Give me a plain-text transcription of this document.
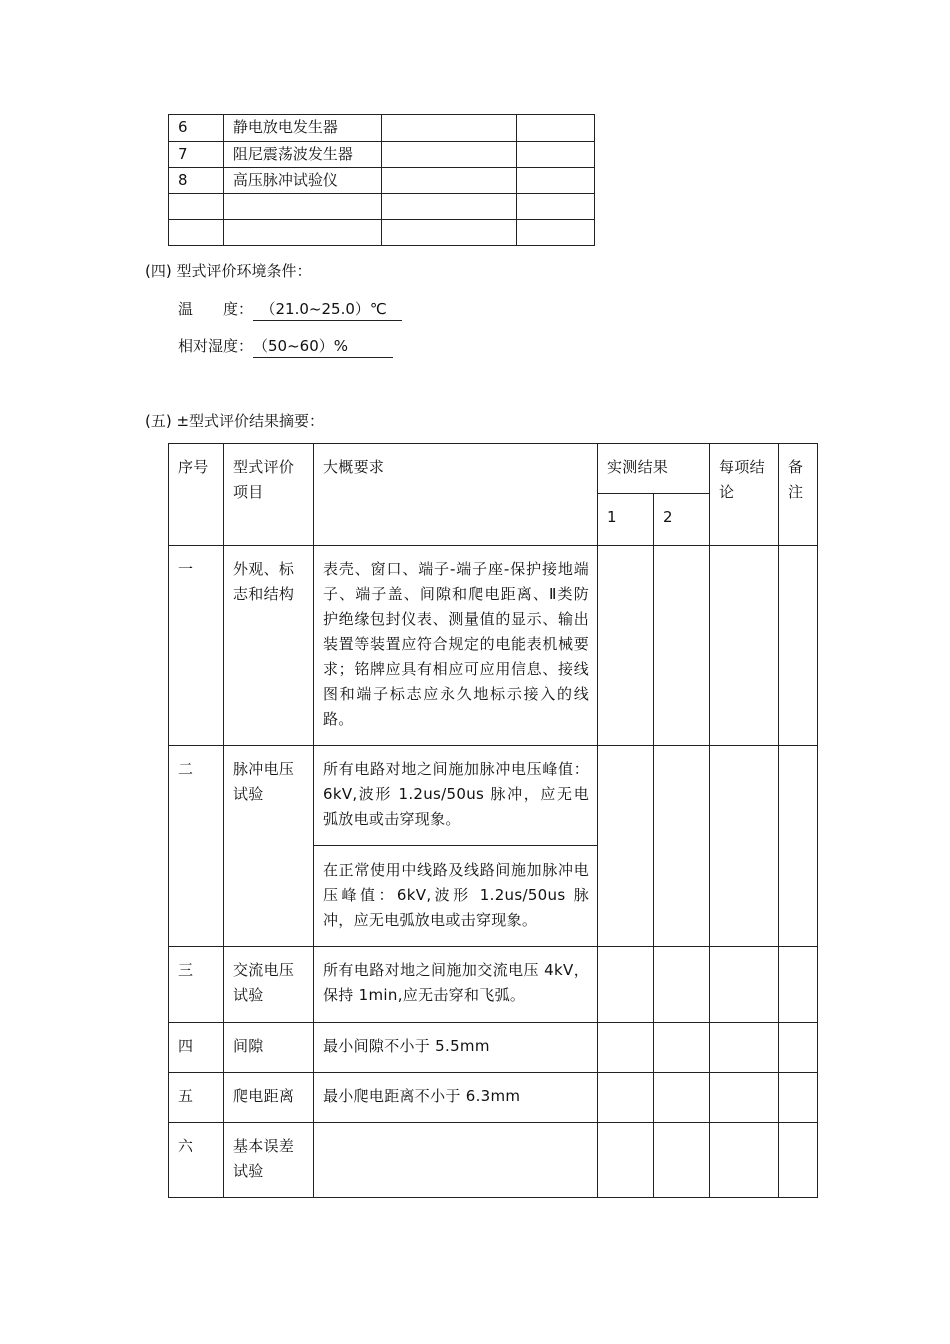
6	静电放电发生器		
7	阻尼震荡波发生器		
8	高压脉冲试验仪		

(四) 型式评价环境条件：
温　　度：　（21.0~25.0）℃　
相对湿度：（50~60）%　　　
(五) ±型式评价结果摘要：
序号	型式评价项目	大概要求	实测结果		每项结论	备注
			1	2		
一	外观、标志和结构	表壳、窗口、端子-端子座-保护接地端子、端子盖、间隙和爬电距离、Ⅱ类防护绝缘包封仪表、测量值的显示、输出装置等装置应符合规定的电能表机械要求；铭牌应具有相应可应用信息、接线图和端子标志应永久地标示接入的线路。				
二	脉冲电压试验	所有电路对地之间施加脉冲电压峰值：6kV,波形 1.2us/50us 脉冲，应无电弧放电或击穿现象。				
		在正常使用中线路及线路间施加脉冲电压峰值：6kV,波形 1.2us/50us 脉冲，应无电弧放电或击穿现象。				
三	交流电压试验	所有电路对地之间施加交流电压 4kV，保持 1min,应无击穿和飞弧。				
四	间隙	最小间隙不小于 5.5mm				
五	爬电距离	最小爬电距离不小于 6.3mm				
六	基本误差试验					
